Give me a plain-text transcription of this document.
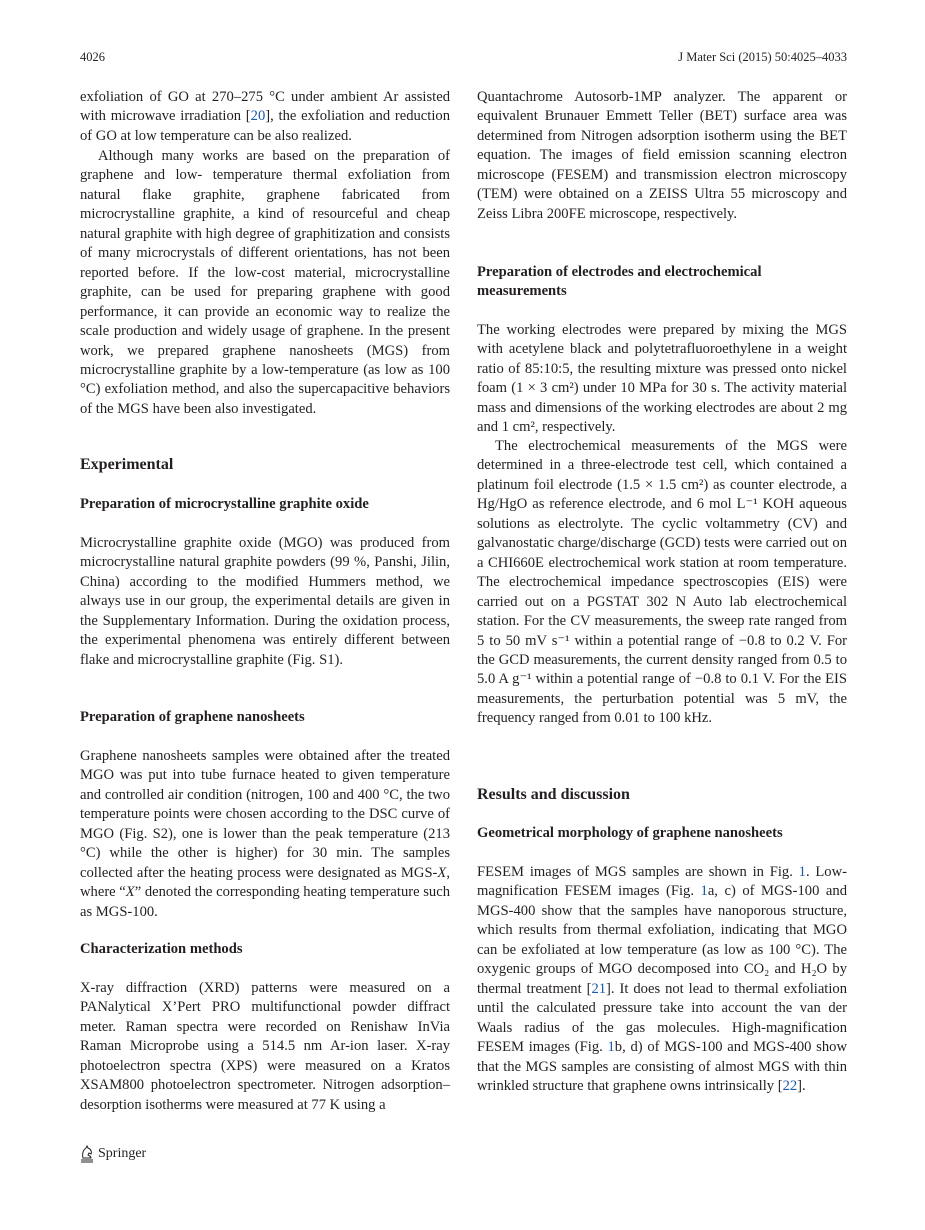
4026	J Mater Sci (2015) 50:4025–4033
exfoliation of GO at 270–275 °C under ambient Ar assisted with microwave irradiation [20], the exfoliation and reduction of GO at low temperature can be also realized.
Although many works are based on the preparation of graphene and low- temperature thermal exfoliation from natural flake graphite, graphene fabricated from microcrystalline graphite, a kind of resourceful and cheap natural graphite with high degree of graphitization and consists of many microcrystals of different orientations, has not been reported before. If the low-cost material, microcrystalline graphite, can be used for preparing graphene with good performance, it can provide an economic way to realize the scale production and widely usage of graphene. In the present work, we prepared graphene nanosheets (MGS) from microcrystalline graphite by a low-temperature (as low as 100 °C) exfoliation method, and also the supercapacitive behaviors of the MGS have been also investigated.
Experimental
Preparation of microcrystalline graphite oxide
Microcrystalline graphite oxide (MGO) was produced from microcrystalline natural graphite powders (99 %, Panshi, Jilin, China) according to the modified Hummers method, we always use in our group, the experimental details are given in the Supplementary Information. During the oxidation process, the experimental phenomena was entirely different between flake and microcrystalline graphite (Fig. S1).
Preparation of graphene nanosheets
Graphene nanosheets samples were obtained after the treated MGO was put into tube furnace heated to given temperature and controlled air condition (nitrogen, 100 and 400 °C, the two temperature points were chosen according to the DSC curve of MGO (Fig. S2), one is lower than the peak temperature (213 °C) while the other is higher) for 30 min. The samples collected after the heating process were designated as MGS-X, where “X” denoted the corresponding heating temperature such as MGS-100.
Characterization methods
X-ray diffraction (XRD) patterns were measured on a PANalytical X’Pert PRO multifunctional powder diffract meter. Raman spectra were recorded on Renishaw InVia Raman Microprobe using a 514.5 nm Ar-ion laser. X-ray photoelectron spectra (XPS) were measured on a Kratos XSAM800 photoelectron spectrometer. Nitrogen adsorption–desorption isotherms were measured at 77 K using a
Quantachrome Autosorb-1MP analyzer. The apparent or equivalent Brunauer Emmett Teller (BET) surface area was determined from Nitrogen adsorption isotherm using the BET equation. The images of field emission scanning electron microscope (FESEM) and transmission electron microscopy (TEM) were obtained on a ZEISS Ultra 55 microscopy and Zeiss Libra 200FE microscope, respectively.
Preparation of electrodes and electrochemical measurements
The working electrodes were prepared by mixing the MGS with acetylene black and polytetrafluoroethylene in a weight ratio of 85:10:5, the resulting mixture was pressed onto nickel foam (1 × 3 cm²) under 10 MPa for 30 s. The activity material mass and dimensions of the working electrodes are about 2 mg and 1 cm², respectively.
The electrochemical measurements of the MGS were determined in a three-electrode test cell, which contained a platinum foil electrode (1.5 × 1.5 cm²) as counter electrode, a Hg/HgO as reference electrode, and 6 mol L⁻¹ KOH aqueous solutions as electrolyte. The cyclic voltammetry (CV) and galvanostatic charge/discharge (GCD) tests were carried out on a CHI660E electrochemical work station at room temperature. The electrochemical impedance spectroscopies (EIS) were carried out on a PGSTAT 302 N Auto lab electrochemical station. For the CV measurements, the sweep rate ranged from 5 to 50 mV s⁻¹ within a potential range of −0.8 to 0.2 V. For the GCD measurements, the current density ranged from 0.5 to 5.0 A g⁻¹ within a potential range of −0.8 to 0.1 V. For the EIS measurements, the perturbation potential was 5 mV, the frequency ranged from 0.01 to 100 kHz.
Results and discussion
Geometrical morphology of graphene nanosheets
FESEM images of MGS samples are shown in Fig. 1. Low-magnification FESEM images (Fig. 1a, c) of MGS-100 and MGS-400 show that the samples have nanoporous structure, which results from thermal exfoliation, indicating that MGO can be exfoliated at low temperature (as low as 100 °C). The oxygenic groups of MGO decomposed into CO₂ and H₂O by thermal treatment [21]. It does not lead to thermal exfoliation until the calculated pressure take into account the van der Waals radius of the gas molecules. High-magnification FESEM images (Fig. 1b, d) of MGS-100 and MGS-400 show that the MGS samples are consisting of almost MGS with thin wrinkled structure that graphene owns intrinsically [22].
Springer
